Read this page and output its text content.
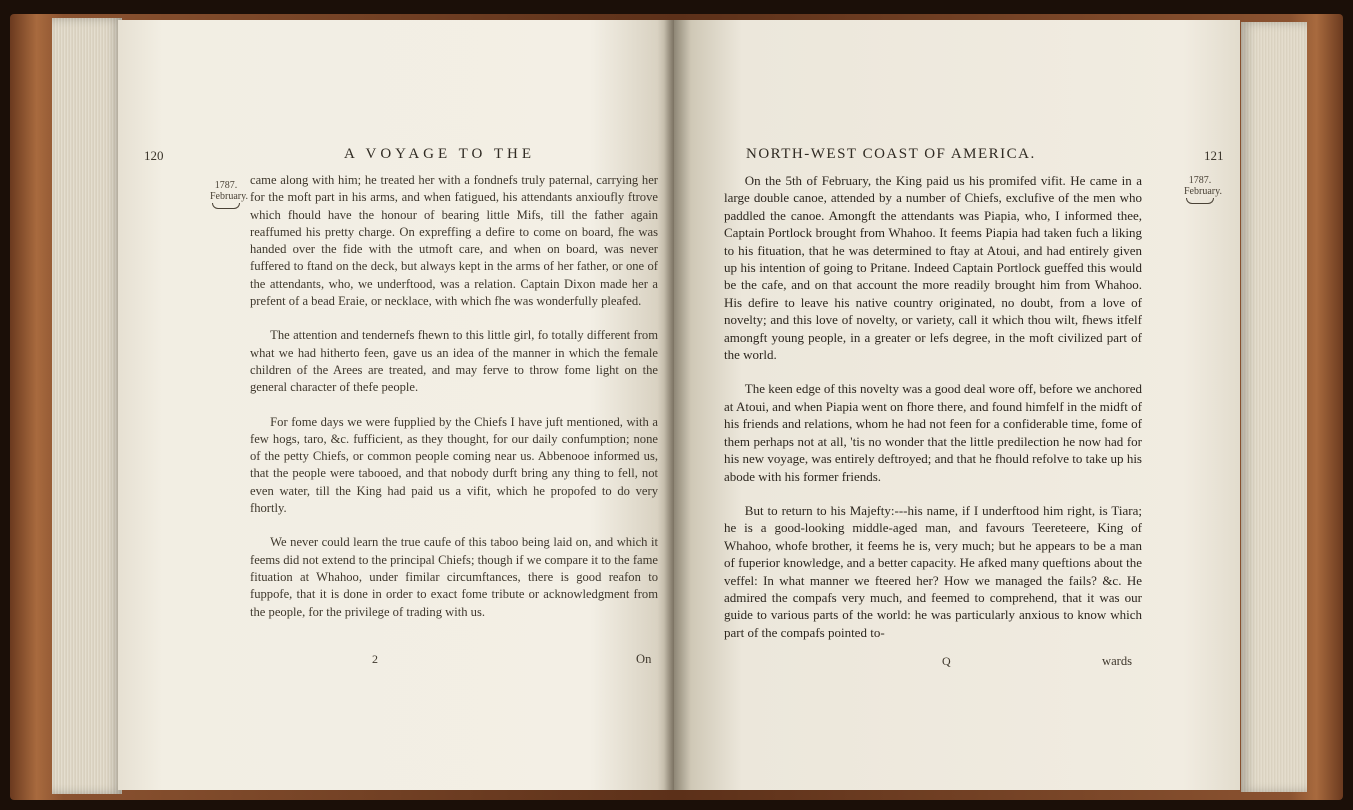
120	A VOYAGE TO THE
1787.
February.

came along with him; he treated her with a fondnefs truly paternal, carrying her for the moft part in his arms, and when fatigued, his attendants anxioufly ftrove which fhould have the honour of bearing little Mifs, till the father again reaffumed his pretty charge. On expreffing a defire to come on board, fhe was handed over the fide with the utmoft care, and when on board, was never fuffered to ftand on the deck, but always kept in the arms of her father, or one of the attendants, who, we underftood, was a relation. Captain Dixon made her a prefent of a bead Eraie, or necklace, with which fhe was wonderfully pleafed.

The attention and tendernefs fhewn to this little girl, fo totally different from what we had hitherto feen, gave us an idea of the manner in which the female children of the Arees are treated, and may ferve to throw fome light on the general character of thefe people.

For fome days we were fupplied by the Chiefs I have juft mentioned, with a few hogs, taro, &c. fufficient, as they thought, for our daily confumption; none of the petty Chiefs, or common people coming near us. Abbenooe informed us, that the people were tabooed, and that nobody durft bring any thing to fell, not even water, till the King had paid us a vifit, which he propofed to do very fhortly.

We never could learn the true caufe of this taboo being laid on, and which it feems did not extend to the principal Chiefs; though if we compare it to the fame fituation at Whahoo, under fimilar circumftances, there is good reafon to fuppofe, that it is done in order to exact fome tribute or acknowledgment from the people, for the privilege of trading with us.

2	On
NORTH-WEST COAST OF AMERICA.	121
1787.
February.

On the 5th of February, the King paid us his promifed vifit. He came in a large double canoe, attended by a number of Chiefs, exclufive of the men who paddled the canoe. Amongft the attendants was Piapia, who, I informed thee, Captain Portlock brought from Whahoo. It feems Piapia had taken fuch a liking to his fituation, that he was determined to ftay at Atoui, and had entirely given up his intention of going to Pritane. Indeed Captain Portlock gueffed this would be the cafe, and on that account the more readily brought him from Whahoo. His defire to leave his native country originated, no doubt, from a love of novelty; and this love of novelty, or variety, call it which thou wilt, fhews itfelf amongft young people, in a greater or lefs degree, in the moft civilized part of the world.

The keen edge of this novelty was a good deal wore off, before we anchored at Atoui, and when Piapia went on fhore there, and found himfelf in the midft of his friends and relations, whom he had not feen for a confiderable time, fome of them perhaps not at all, 'tis no wonder that the little predilection he now had for his new voyage, was entirely deftroyed; and that he fhould refolve to take up his abode with his former friends.

But to return to his Majefty:---his name, if I underftood him right, is Tiara; he is a good-looking middle-aged man, and favours Teereteere, King of Whahoo, whofe brother, it feems he is, very much; but he appears to be a man of fuperior knowledge, and a better capacity. He afked many queftions about the veffel: In what manner we fteered her? How we managed the fails? &c. He admired the compafs very much, and feemed to comprehend, that it was our guide to various parts of the world: he was particularly anxious to know which part of the compafs pointed to-

Q	wards
